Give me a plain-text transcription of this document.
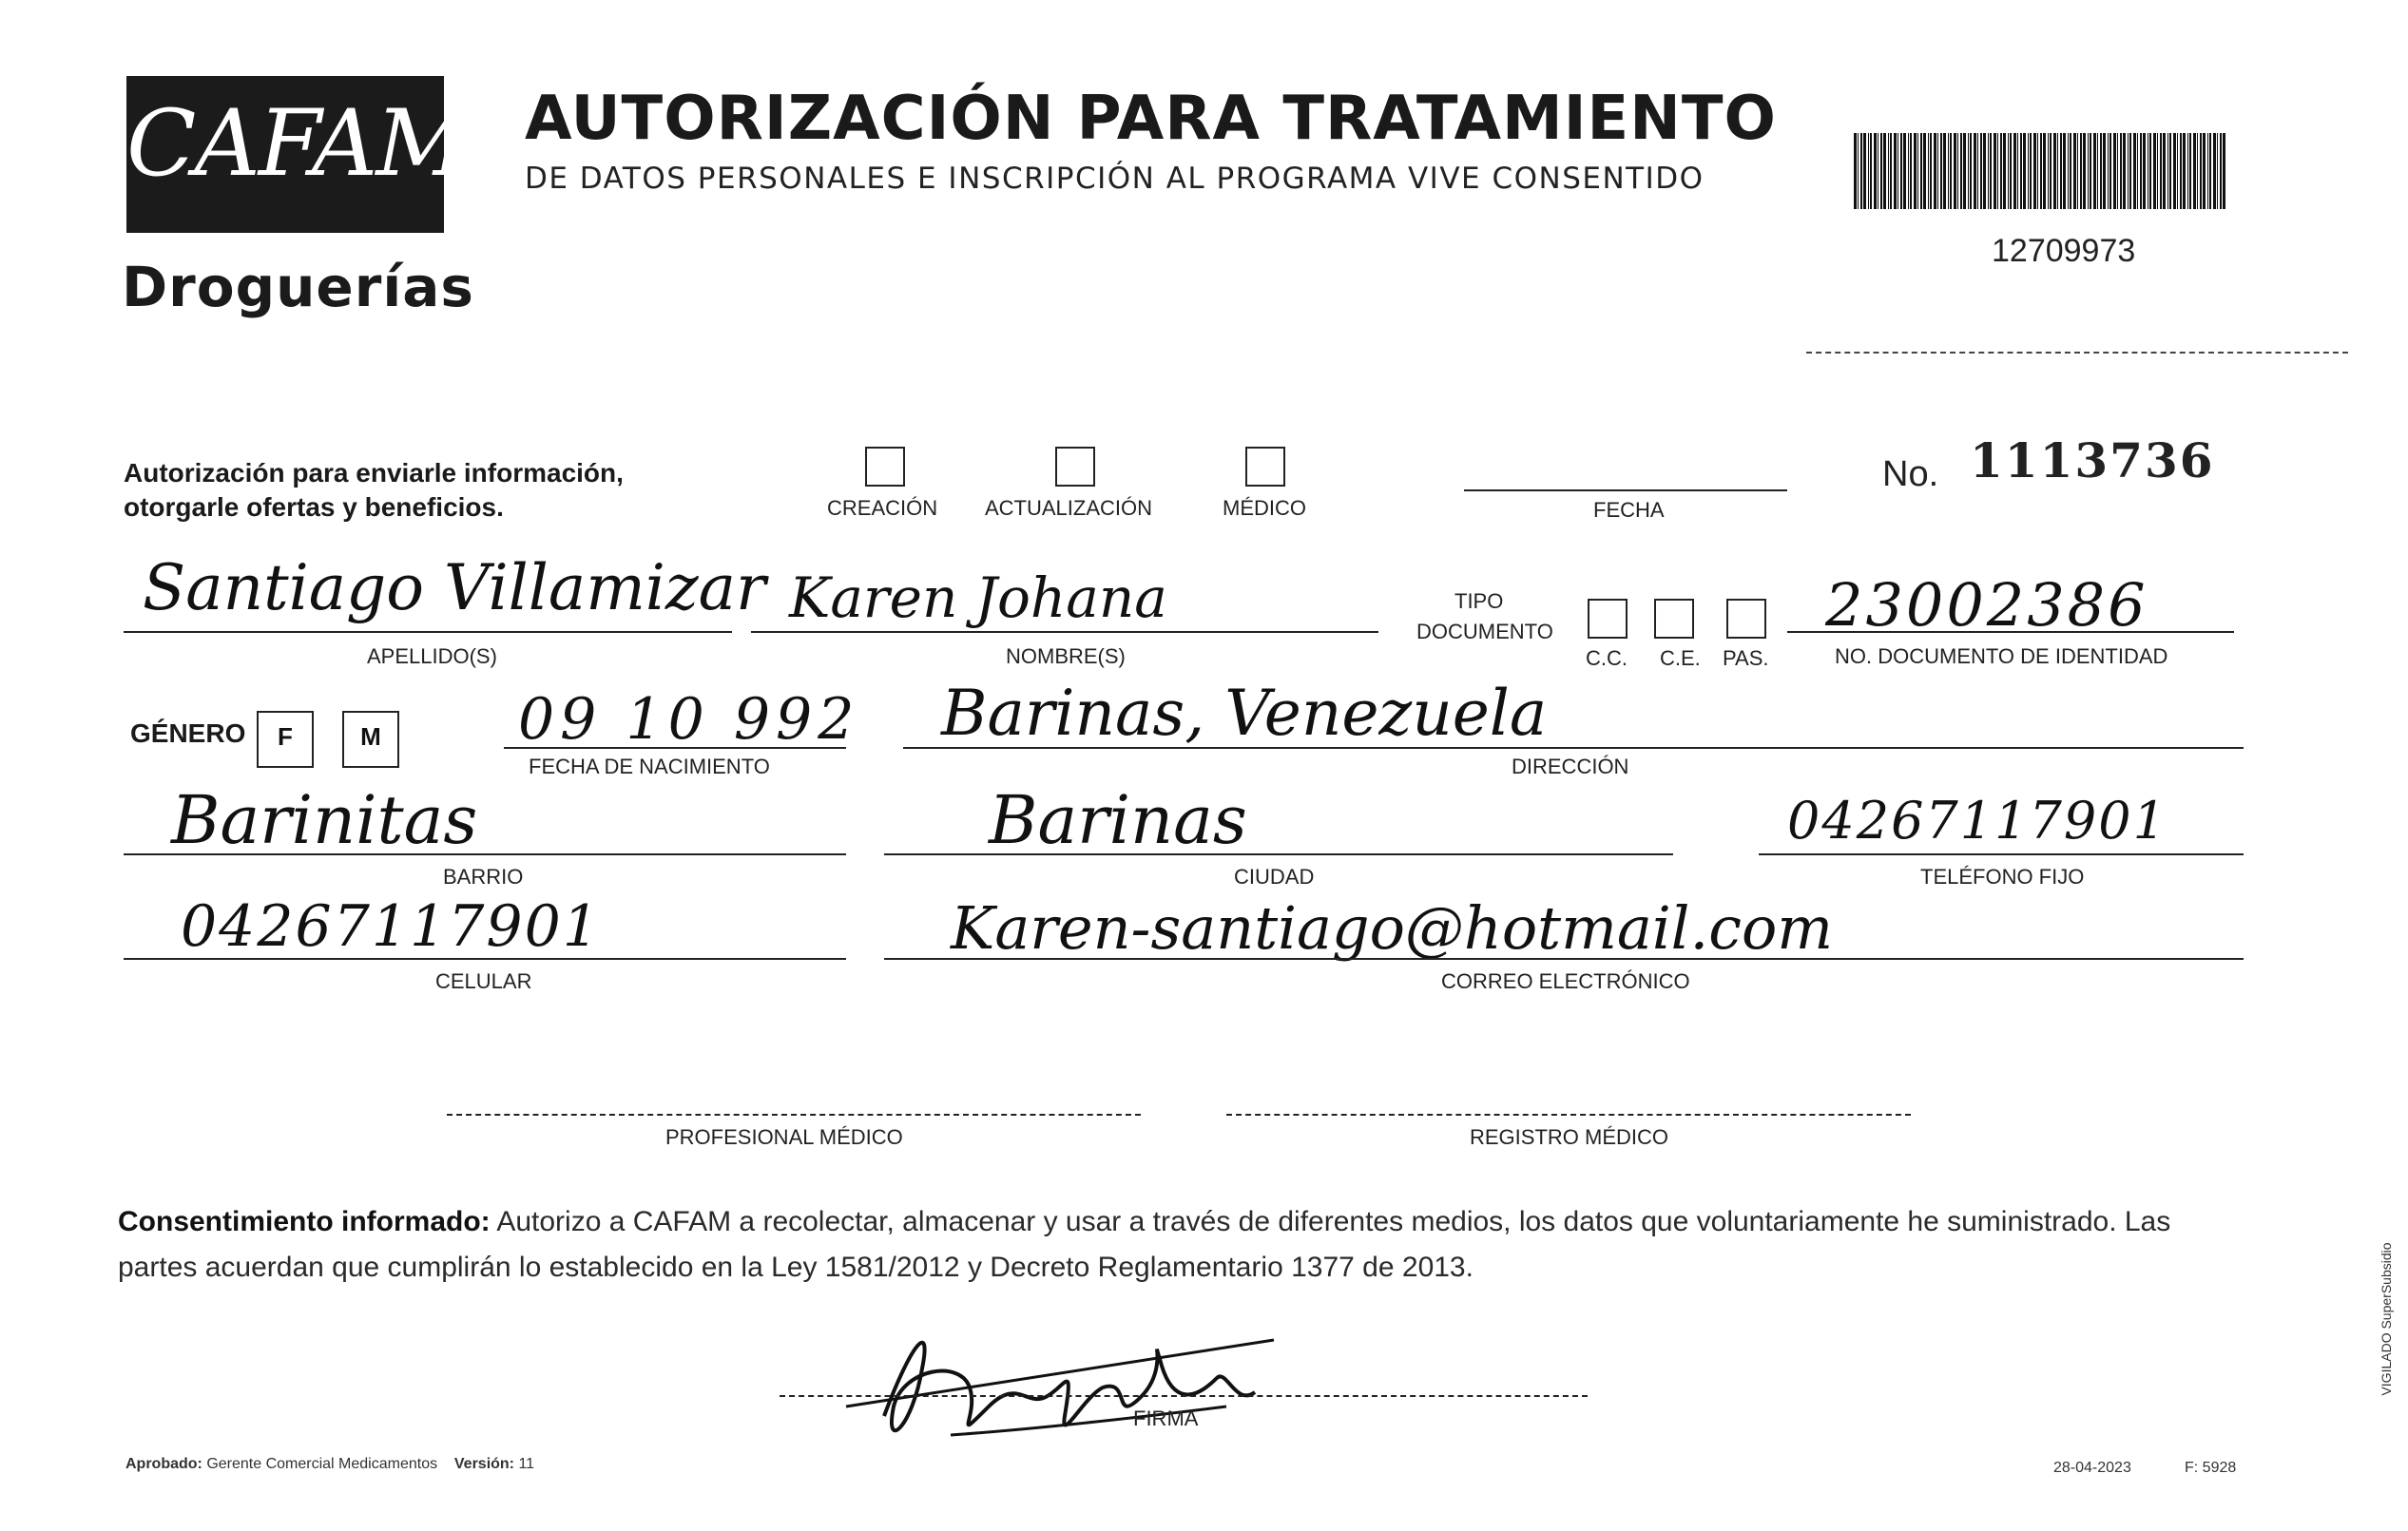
CAFAM
Droguerías
AUTORIZACIÓN PARA TRATAMIENTO
DE DATOS PERSONALES E INSCRIPCIÓN AL PROGRAMA VIVE CONSENTIDO
12709973
Autorización para enviarle información,
otorgarle ofertas y beneficios.	CREACIÓN ACTUALIZACIÓN	MÉDICO	FECHA
No. 1113736
Santiago Villamizar
APELLIDO(S)
Karen Johana
NOMBRE(S)
TIPO
DOCUMENTO
C.C. C.E. PAS.
23002386
NO. DOCUMENTO DE IDENTIDAD
GÉNERO	F	M	09 10 992
FECHA DE NACIMIENTO
Barinas, Venezuela
DIRECCIÓN
Barinitas
BARRIO
Barinas
CIUDAD
04267117901
TELÉFONO FIJO
04267117901
CELULAR
Karen-santiago@hotmail.com
CORREO ELECTRÓNICO
PROFESIONAL MÉDICO	REGISTRO MÉDICO
Consentimiento informado: Autorizo a CAFAM a recolectar, almacenar y usar a través de diferentes medios, los datos que voluntariamente he suministrado. Las partes acuerdan que cumplirán lo establecido en la Ley 1581/2012 y Decreto Reglamentario 1377 de 2013.
FIRMA
Aprobado: Gerente Comercial Medicamentos Versión: 11	28-04-2023	F: 5928
VIGILADO SuperSubsidio
